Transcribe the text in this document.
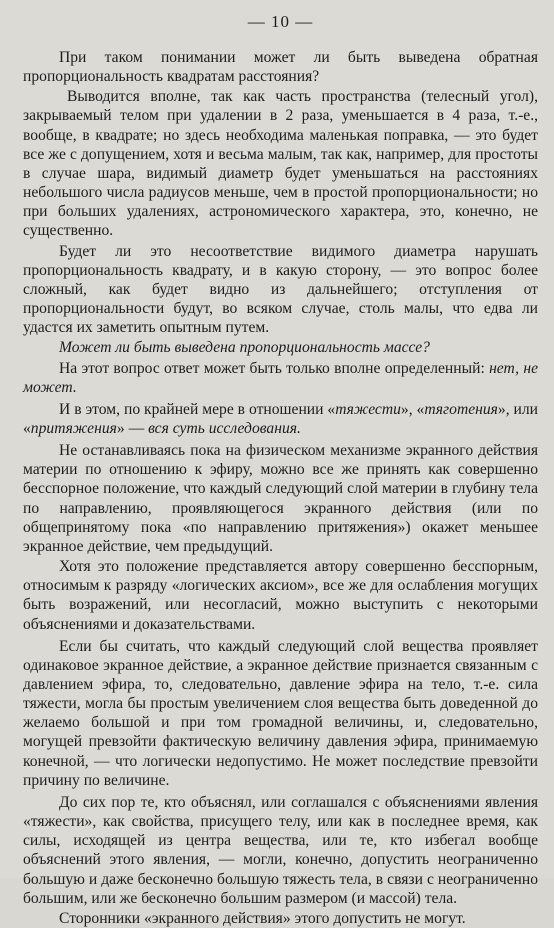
— 10 —

При таком понимании может ли быть выведена обратная пропорциональность квадратам расстояния?

Выводится вполне, так как часть пространства (телесный угол), закрываемый телом при удалении в 2 раза, уменьшается в 4 раза, т.-е., вообще, в квадрате; но здесь необходима маленькая поправка, — это будет все же с допущением, хотя и весьма малым, так как, например, для простоты в случае шара, видимый диаметр будет уменьшаться на расстояниях небольшого числа радиусов меньше, чем в простой пропорциональности; но при больших удалениях, астрономического характера, это, конечно, не существенно.

Будет ли это несоответствие видимого диаметра нарушать пропорциональность квадрату, и в какую сторону, — это вопрос более сложный, как будет видно из дальнейшего; отступления от пропорциональности будут, во всяком случае, столь малы, что едва ли удастся их заметить опытным путем.

Может ли быть выведена пропорциональность массе?

На этот вопрос ответ может быть только вполне определенный: нет, не может.

И в этом, по крайней мере в отношении «тяжести», «тяготения», или «притяжения» — вся суть исследования.

Не останавливаясь пока на физическом механизме экранного действия материи по отношению к эфиру, можно все же принять как совершенно бесспорное положение, что каждый следующий слой материи в глубину тела по направлению, проявляющегося экранного действия (или по общепринятому пока «по направлению притяжения») окажет меньшее экранное действие, чем предыдущий.

Хотя это положение представляется автору совершенно бесспорным, относимым к разряду «логических аксиом», все же для ослабления могущих быть возражений, или несогласий, можно выступить с некоторыми объяснениями и доказательствами.

Если бы считать, что каждый следующий слой вещества проявляет одинаковое экранное действие, а экранное действие признается связанным с давлением эфира, то, следовательно, давление эфира на тело, т.-е. сила тяжести, могла бы простым увеличением слоя вещества быть доведенной до желаемо большой и при том громадной величины, и, следовательно, могущей превзойти фактическую величину давления эфира, принимаемую конечной, — что логически недопустимо. Не может последствие превзойти причину по величине.

До сих пор те, кто объяснял, или соглашался с объяснениями явления «тяжести», как свойства, присущего телу, или как в последнее время, как силы, исходящей из центра вещества, или те, кто избегал вообще объяснений этого явления, — могли, конечно, допустить неограниченно большую и даже бесконечно большую тяжесть тела, в связи с неограниченно большим, или же бесконечно большим размером (и массой) тела.

Сторонники «экранного действия» этого допустить не могут.
